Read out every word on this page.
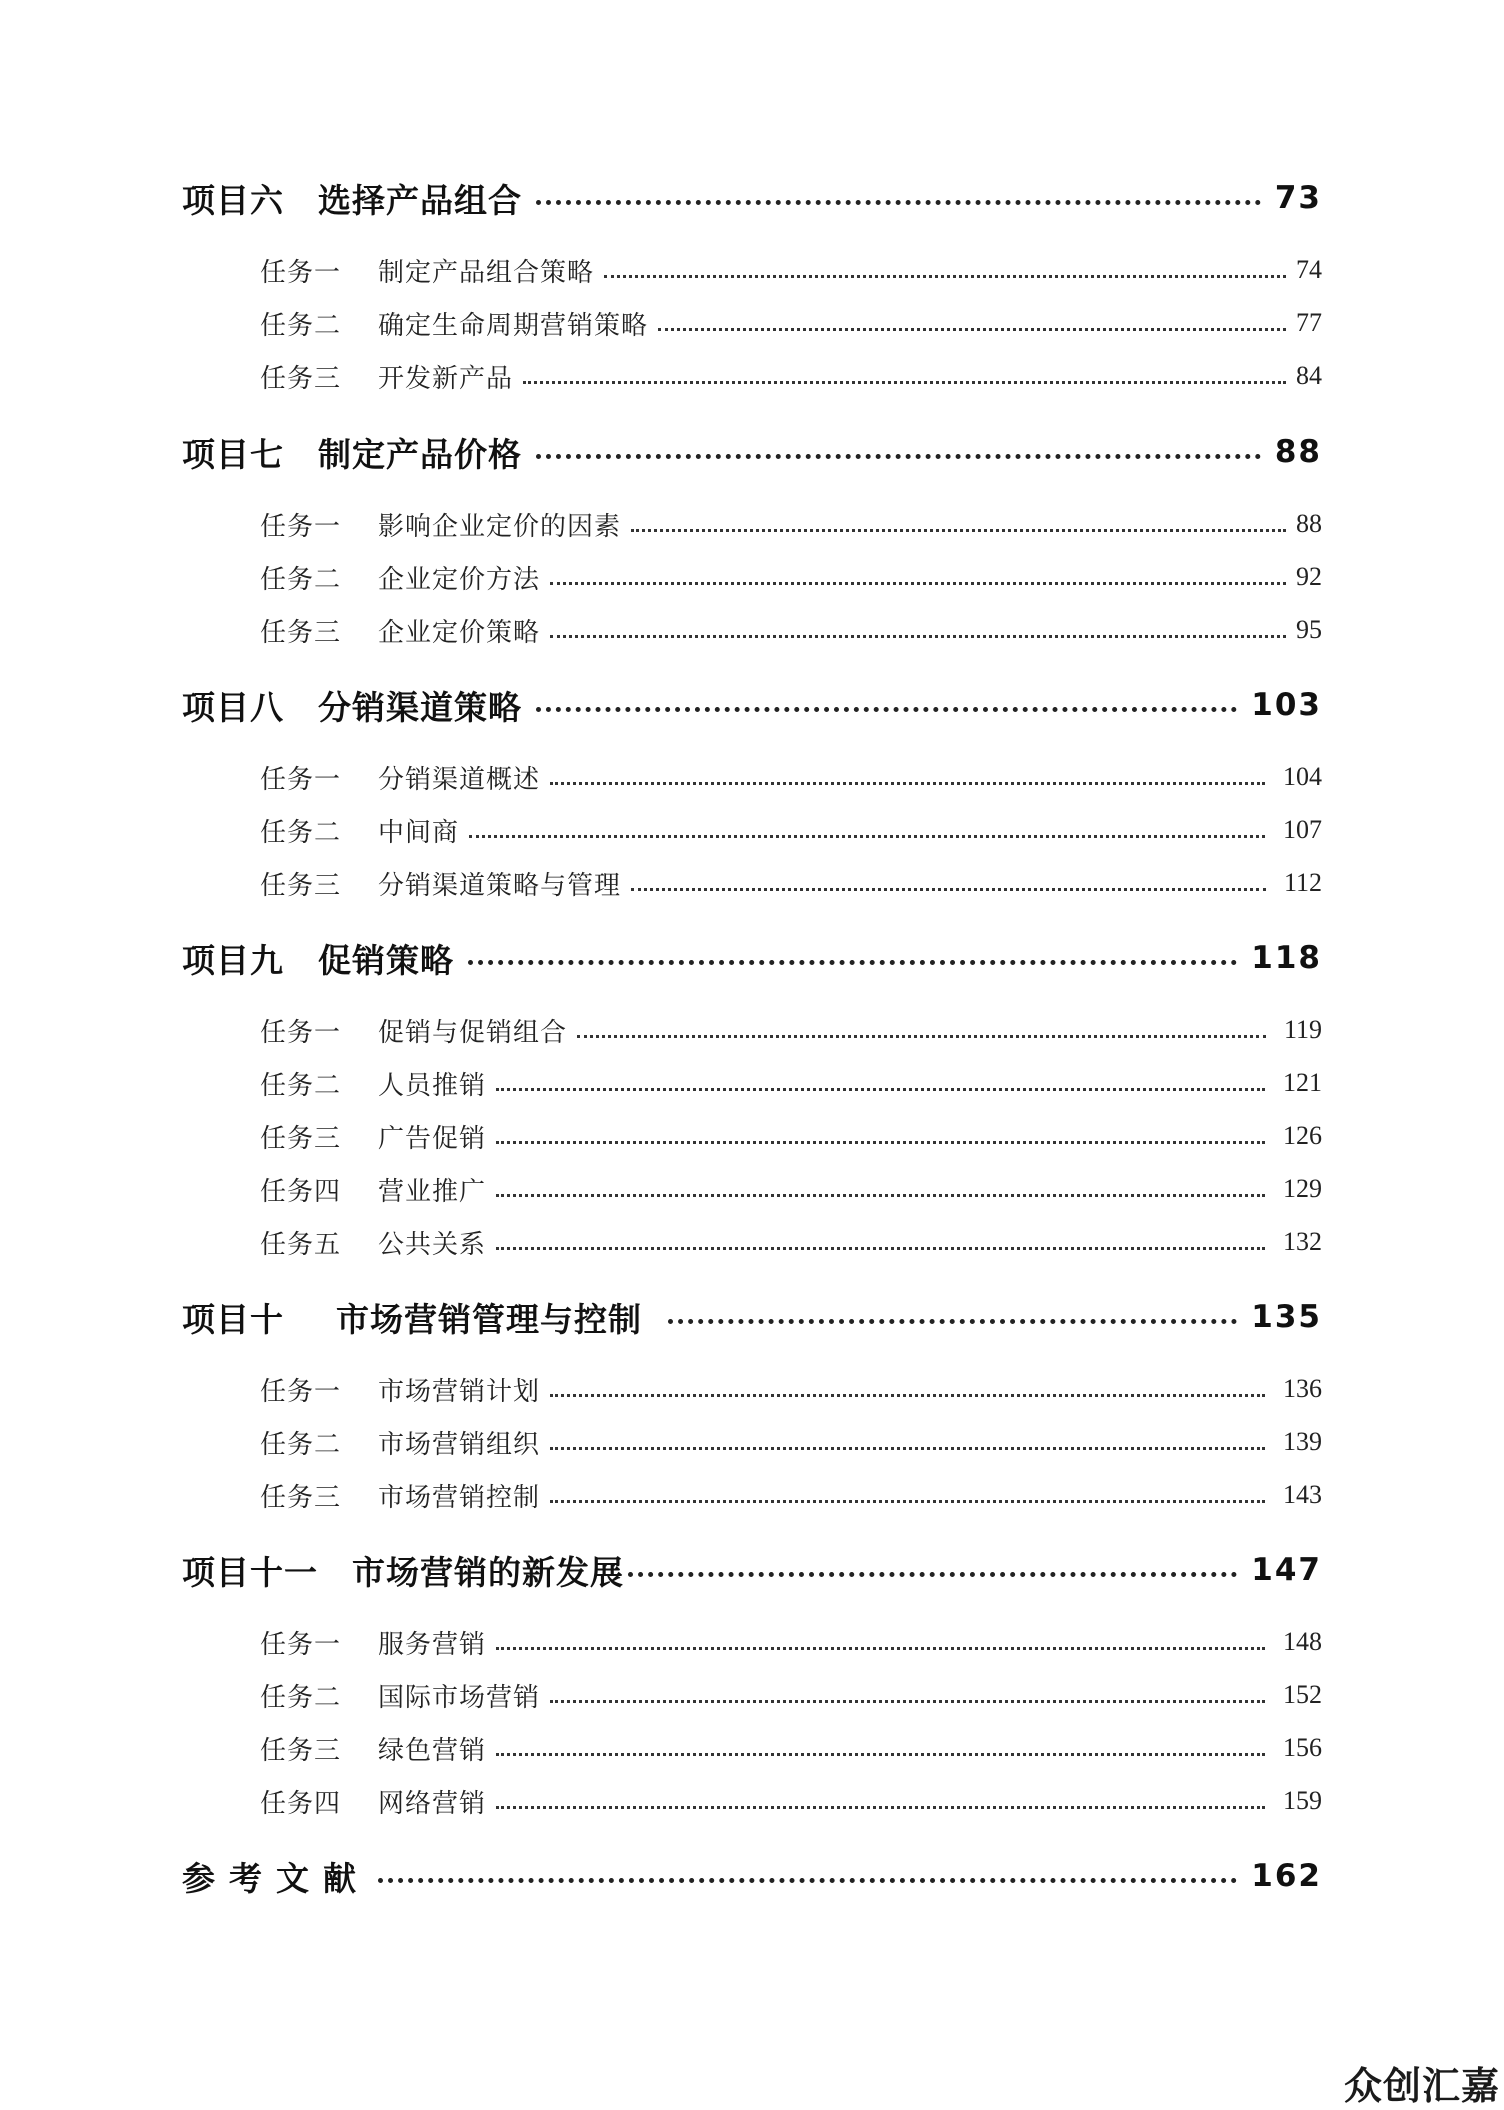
项目六 选择产品组合	73
任务一	制定产品组合策略	74
任务二	确定生命周期营销策略	77
任务三	开发新产品	84
项目七 制定产品价格	88
任务一	影响企业定价的因素	88
任务二	企业定价方法	92
任务三	企业定价策略	95
项目八 分销渠道策略	103
任务一	分销渠道概述	104
任务二	中间商	107
任务三	分销渠道策略与管理	112
项目九 促销策略	118
任务一	促销与促销组合	119
任务二	人员推销	121
任务三	广告促销	126
任务四	营业推广	129
任务五	公共关系	132
项目十 市场营销管理与控制	135
任务一	市场营销计划	136
任务二	市场营销组织	139
任务三	市场营销控制	143
项目十一 市场营销的新发展	147
任务一	服务营销	148
任务二	国际市场营销	152
任务三	绿色营销	156
任务四	网络营销	159
参考文献	162
众创汇嘉
